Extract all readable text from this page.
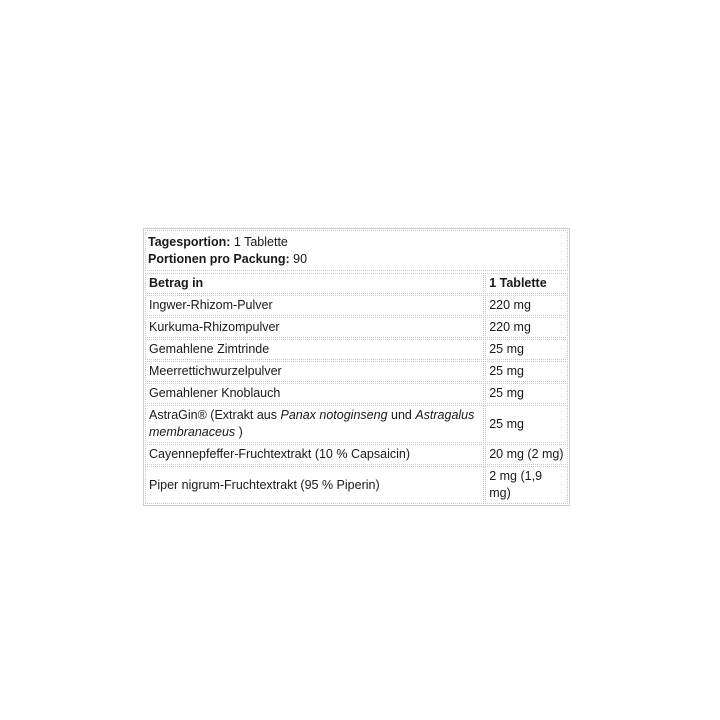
Tagesportion: 1 Tablette
Portionen pro Packung: 90
Betrag in	1 Tablette
Ingwer-Rhizom-Pulver	220 mg
Kurkuma-Rhizompulver	220 mg
Gemahlene Zimtrinde	25 mg
Meerrettichwurzelpulver	25 mg
Gemahlener Knoblauch	25 mg
AstraGin® (Extrakt aus Panax notoginseng und Astragalus membranaceus )	25 mg
Cayennepfeffer-Fruchtextrakt (10 % Capsaicin)	20 mg (2 mg)
Piper nigrum-Fruchtextrakt (95 % Piperin)	2 mg (1,9 mg)
